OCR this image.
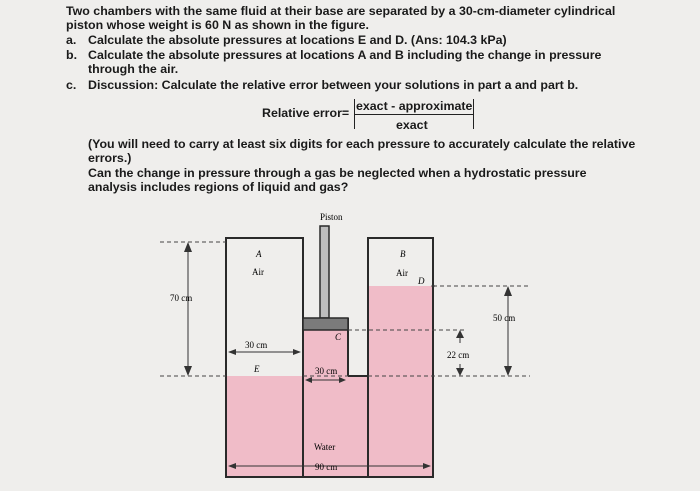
Two chambers with the same fluid at their base are separated by a 30-cm-diameter cylindrical
piston whose weight is 60 N as shown in the figure.
a. Calculate the absolute pressures at locations E and D. (Ans: 104.3 kPa)
b. Calculate the absolute pressures at locations A and B including the change in pressure
through the air.
c. Discussion: Calculate the relative error between your solutions in part a and part b.
Relative error= exact - approximate
exact
(You will need to carry at least six digits for each pressure to accurately calculate the relative
errors.)
Can the change in pressure through a gas be neglected when a hydrostatic pressure
analysis includes regions of liquid and gas?
Piston
A
Air
B
Air
D
C
E
70 cm
50 cm
30 cm
30 cm
22 cm
Water
90 cm
